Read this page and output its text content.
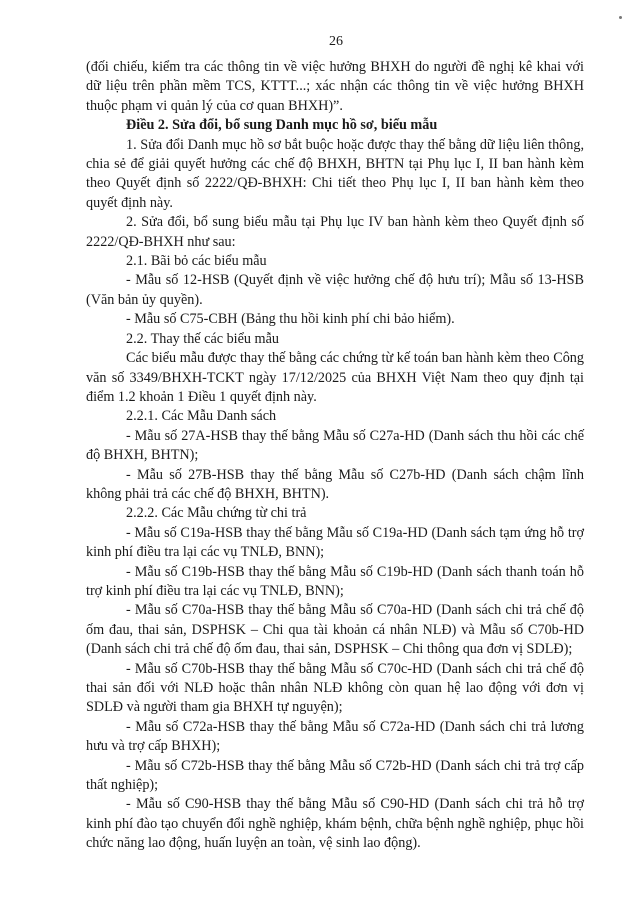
26

(đối chiếu, kiểm tra các thông tin về việc hưởng BHXH do người đề nghị kê khai với dữ liệu trên phần mềm TCS, KTTT...; xác nhận các thông tin về việc hưởng BHXH thuộc phạm vi quản lý của cơ quan BHXH)”.

Điều 2. Sửa đổi, bổ sung Danh mục hồ sơ, biểu mẫu

1. Sửa đổi Danh mục hồ sơ bắt buộc hoặc được thay thế bằng dữ liệu liên thông, chia sẻ để giải quyết hưởng các chế độ BHXH, BHTN tại Phụ lục I, II ban hành kèm theo Quyết định số 2222/QĐ-BHXH: Chi tiết theo Phụ lục I, II ban hành kèm theo quyết định này.

2. Sửa đổi, bổ sung biểu mẫu tại Phụ lục IV ban hành kèm theo Quyết định số 2222/QĐ-BHXH như sau:

2.1. Bãi bỏ các biểu mẫu

- Mẫu số 12-HSB (Quyết định về việc hưởng chế độ hưu trí); Mẫu số 13-HSB (Văn bản ủy quyền).

- Mẫu số C75-CBH (Bảng thu hồi kinh phí chi bảo hiểm).

2.2. Thay thế các biểu mẫu

Các biểu mẫu được thay thế bằng các chứng từ kế toán ban hành kèm theo Công văn số 3349/BHXH-TCKT ngày 17/12/2025 của BHXH Việt Nam theo quy định tại điểm 1.2 khoản 1 Điều 1 quyết định này.

2.2.1. Các Mẫu Danh sách

- Mẫu số 27A-HSB thay thế bằng Mẫu số C27a-HD (Danh sách thu hồi các chế độ BHXH, BHTN);

- Mẫu số 27B-HSB thay thế bằng Mẫu số C27b-HD (Danh sách chậm lĩnh không phải trả các chế độ BHXH, BHTN).

2.2.2. Các Mẫu chứng từ chi trả

- Mẫu số C19a-HSB thay thế bằng Mẫu số C19a-HD (Danh sách tạm ứng hỗ trợ kinh phí điều tra lại các vụ TNLĐ, BNN);

- Mẫu số C19b-HSB thay thế bằng Mẫu số C19b-HD (Danh sách thanh toán hỗ trợ kinh phí điều tra lại các vụ TNLĐ, BNN);

- Mẫu số C70a-HSB thay thế bằng Mẫu số C70a-HD (Danh sách chi trả chế độ ốm đau, thai sản, DSPHSK – Chi qua tài khoản cá nhân NLĐ) và Mẫu số C70b-HD (Danh sách chi trả chế độ ốm đau, thai sản, DSPHSK – Chi thông qua đơn vị SDLĐ);

- Mẫu số C70b-HSB thay thế bằng Mẫu số C70c-HD (Danh sách chi trả chế độ thai sản đối với NLĐ hoặc thân nhân NLĐ không còn quan hệ lao động với đơn vị SDLĐ và người tham gia BHXH tự nguyện);

- Mẫu số C72a-HSB thay thế bằng Mẫu số C72a-HD (Danh sách chi trả lương hưu và trợ cấp BHXH);

- Mẫu số C72b-HSB thay thế bằng Mẫu số C72b-HD (Danh sách chi trả trợ cấp thất nghiệp);

- Mẫu số C90-HSB thay thế bằng Mẫu số C90-HD (Danh sách chi trả hỗ trợ kinh phí đào tạo chuyển đổi nghề nghiệp, khám bệnh, chữa bệnh nghề nghiệp, phục hồi chức năng lao động, huấn luyện an toàn, vệ sinh lao động).
